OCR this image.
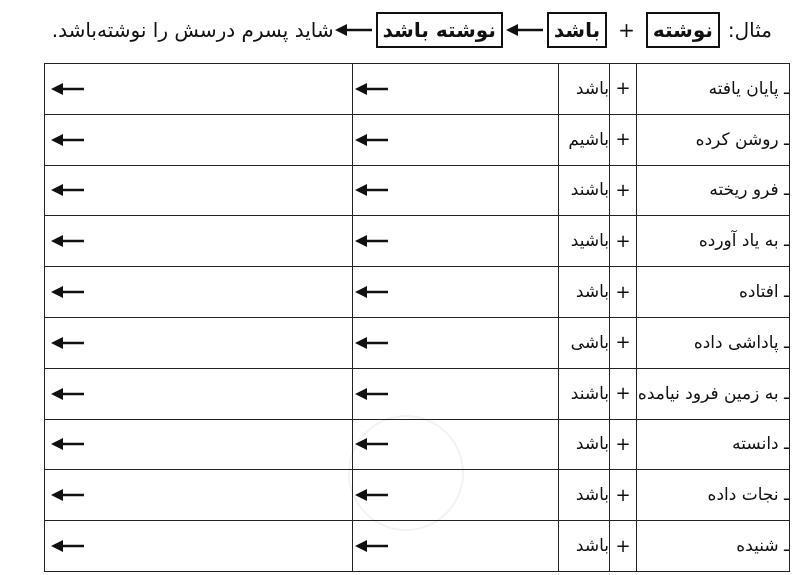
مثال:
نوشته
+
باشد
نوشته باشد
شاید پسرم درسش را نوشته‌باشد.
ـ پایان یافته	+	باشد	

ـ روشن کرده	+	باشیم	

ـ فرو ریخته	+	باشند	

ـ به یاد آورده	+	باشید	

ـ افتاده	+	باشد	

ـ پاداشی داده	+	باشی	

ـ به زمین فرود نیامده	+	باشند	

ـ دانسته	+	باشد	

ـ نجات داده	+	باشد	

ـ شنیده	+	باشد	
